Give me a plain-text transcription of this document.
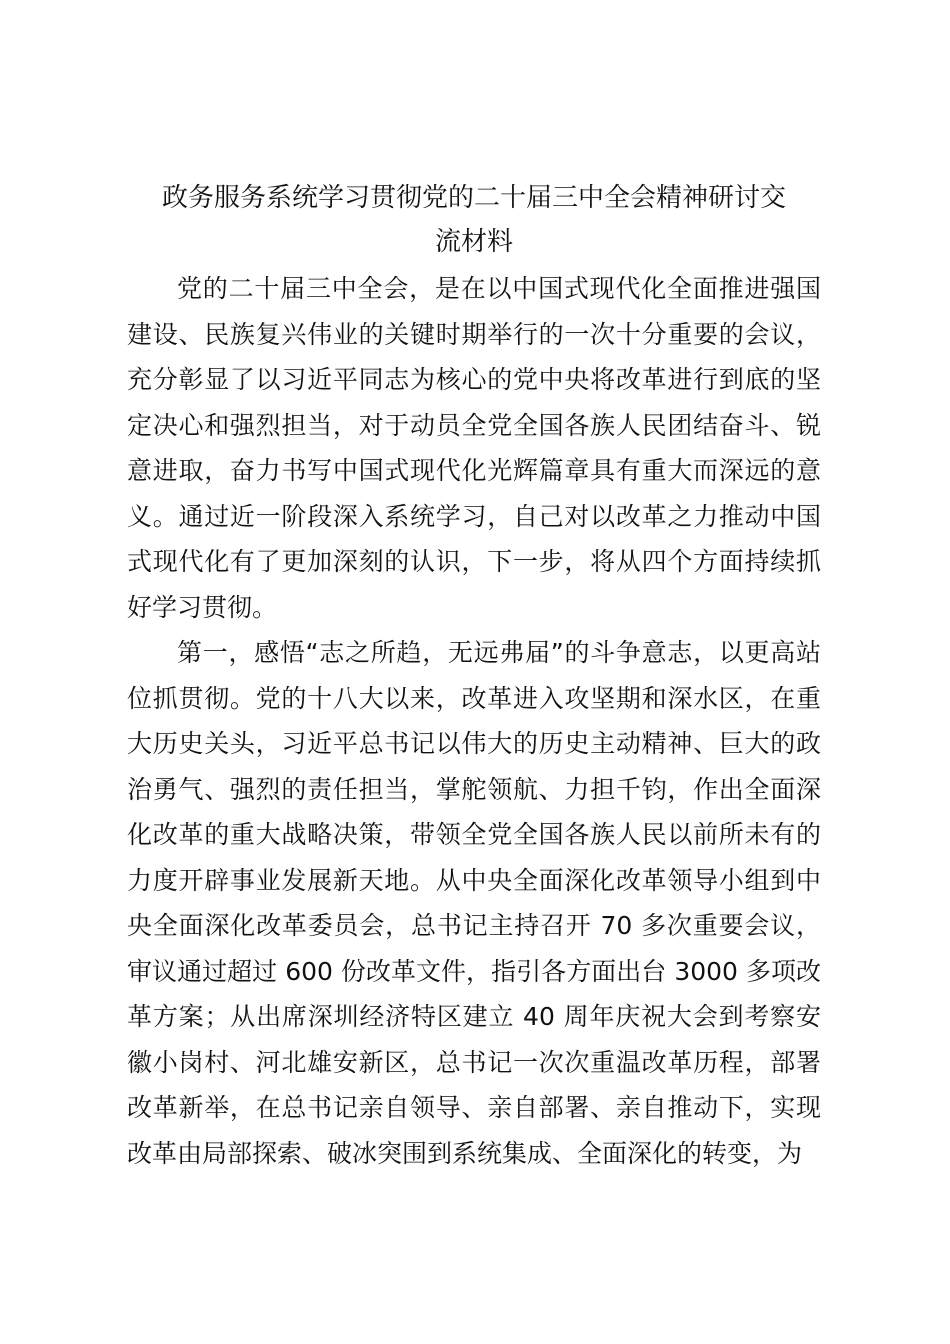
政务服务系统学习贯彻党的二十届三中全会精神研讨交
流材料

党的二十届三中全会，是在以中国式现代化全面推进强国建设、民族复兴伟业的关键时期举行的一次十分重要的会议，充分彰显了以习近平同志为核心的党中央将改革进行到底的坚定决心和强烈担当，对于动员全党全国各族人民团结奋斗、锐意进取，奋力书写中国式现代化光辉篇章具有重大而深远的意义。通过近一阶段深入系统学习，自己对以改革之力推动中国式现代化有了更加深刻的认识，下一步，将从四个方面持续抓好学习贯彻。

第一，感悟“志之所趋，无远弗届”的斗争意志，以更高站位抓贯彻。党的十八大以来，改革进入攻坚期和深水区，在重大历史关头，习近平总书记以伟大的历史主动精神、巨大的政治勇气、强烈的责任担当，掌舵领航、力担千钧，作出全面深化改革的重大战略决策，带领全党全国各族人民以前所未有的力度开辟事业发展新天地。从中央全面深化改革领导小组到中央全面深化改革委员会，总书记主持召开 70 多次重要会议，审议通过超过 600 份改革文件，指引各方面出台 3000 多项改革方案；从出席深圳经济特区建立 40 周年庆祝大会到考察安徽小岗村、河北雄安新区，总书记一次次重温改革历程，部署改革新举，在总书记亲自领导、亲自部署、亲自推动下，实现改革由局部探索、破冰突围到系统集成、全面深化的转变，为
